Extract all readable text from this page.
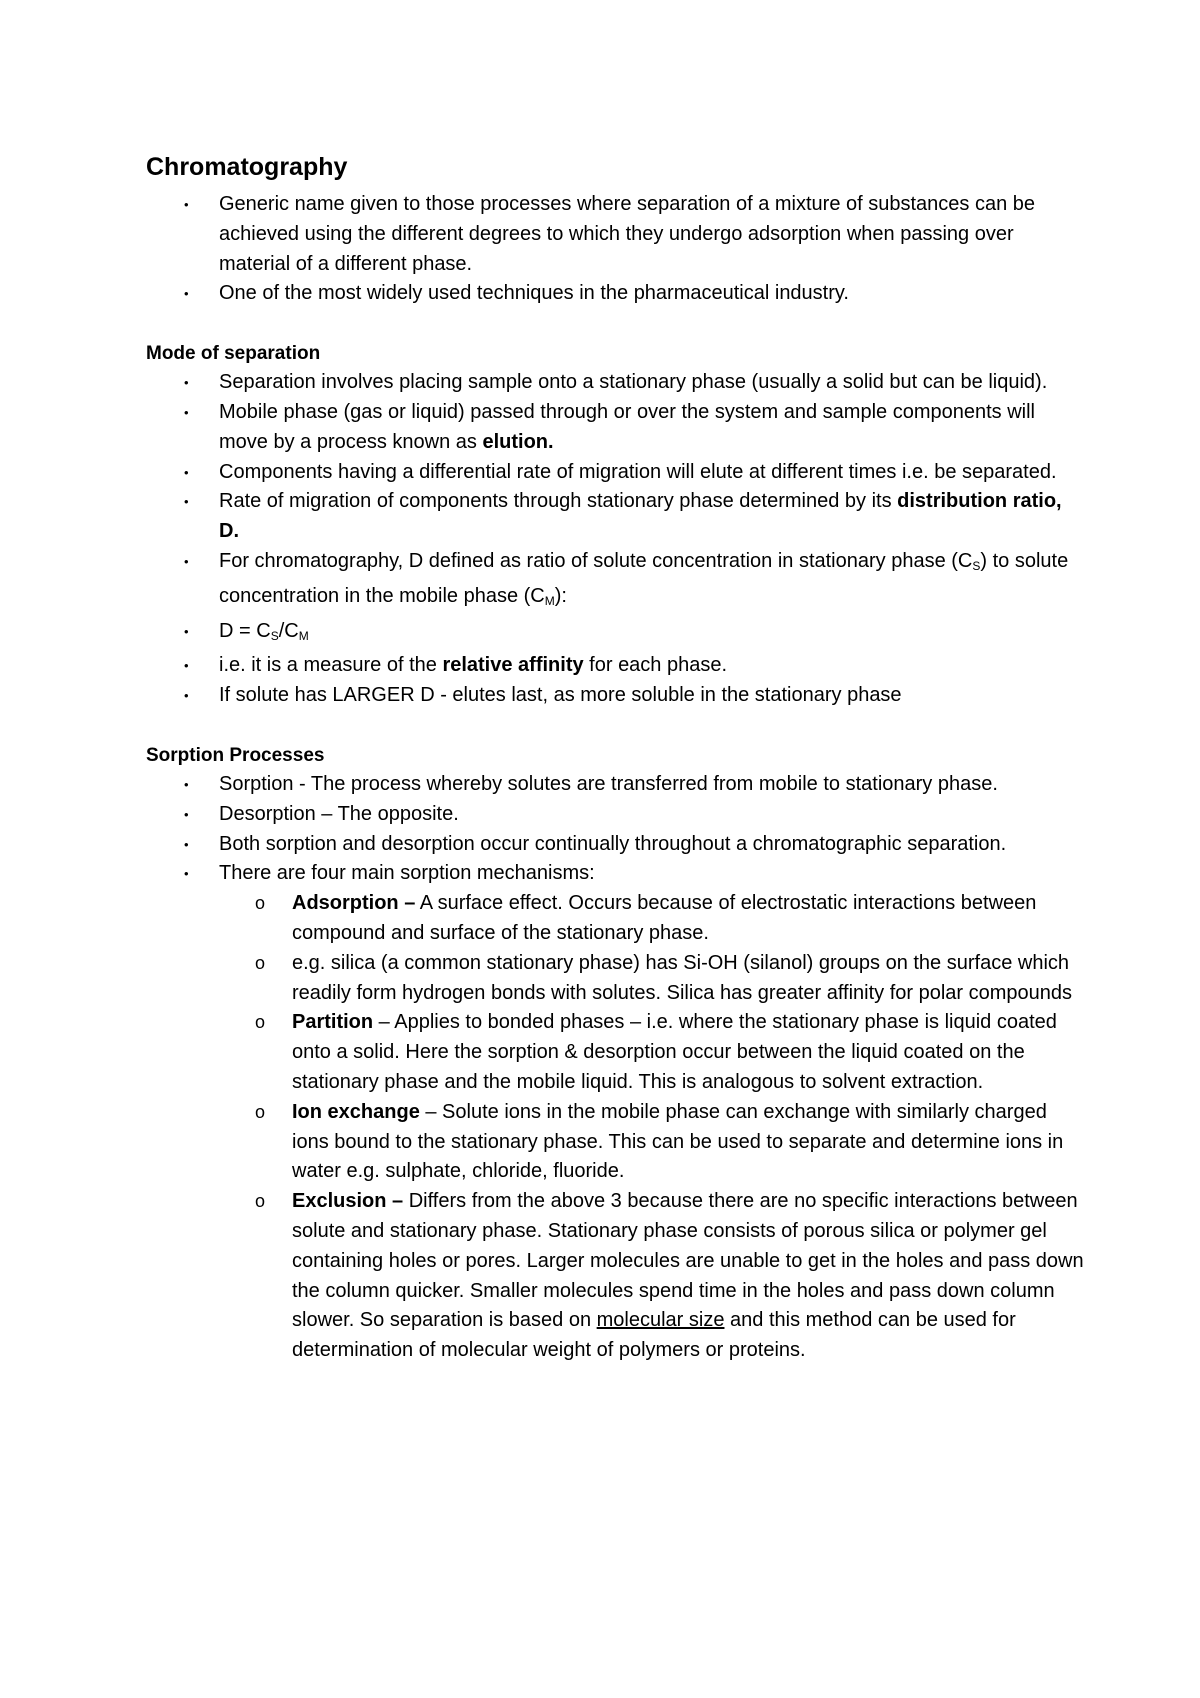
Chromatography
• Generic name given to those processes where separation of a mixture of substances can be achieved using the different degrees to which they undergo adsorption when passing over material of a different phase.
• One of the most widely used techniques in the pharmaceutical industry.
Mode of separation
• Separation involves placing sample onto a stationary phase (usually a solid but can be liquid).
• Mobile phase (gas or liquid) passed through or over the system and sample components will move by a process known as elution.
• Components having a differential rate of migration will elute at different times i.e. be separated.
• Rate of migration of components through stationary phase determined by its distribution ratio, D.
• For chromatography, D defined as ratio of solute concentration in stationary phase $(C_S)$ to solute concentration in the mobile phase $(C_M)$:
• $D = C_S/C_M$
• i.e. it is a measure of the relative affinity for each phase.
• If solute has LARGER D - elutes last, as more soluble in the stationary phase
Sorption Processes
• Sorption - The process whereby solutes are transferred from mobile to stationary phase.
• Desorption – The opposite.
• Both sorption and desorption occur continually throughout a chromatographic separation.
• There are four main sorption mechanisms:
o Adsorption – A surface effect. Occurs because of electrostatic interactions between compound and surface of the stationary phase.
o e.g. silica (a common stationary phase) has Si-OH (silanol) groups on the surface which readily form hydrogen bonds with solutes. Silica has greater affinity for polar compounds
o Partition – Applies to bonded phases – i.e. where the stationary phase is liquid coated onto a solid. Here the sorption & desorption occur between the liquid coated on the stationary phase and the mobile liquid. This is analogous to solvent extraction.
o Ion exchange – Solute ions in the mobile phase can exchange with similarly charged ions bound to the stationary phase. This can be used to separate and determine ions in water e.g. sulphate, chloride, fluoride.
o Exclusion – Differs from the above 3 because there are no specific interactions between solute and stationary phase. Stationary phase consists of porous silica or polymer gel containing holes or pores. Larger molecules are unable to get in the holes and pass down the column quicker. Smaller molecules spend time in the holes and pass down column slower. So separation is based on molecular size and this method can be used for determination of molecular weight of polymers or proteins.
